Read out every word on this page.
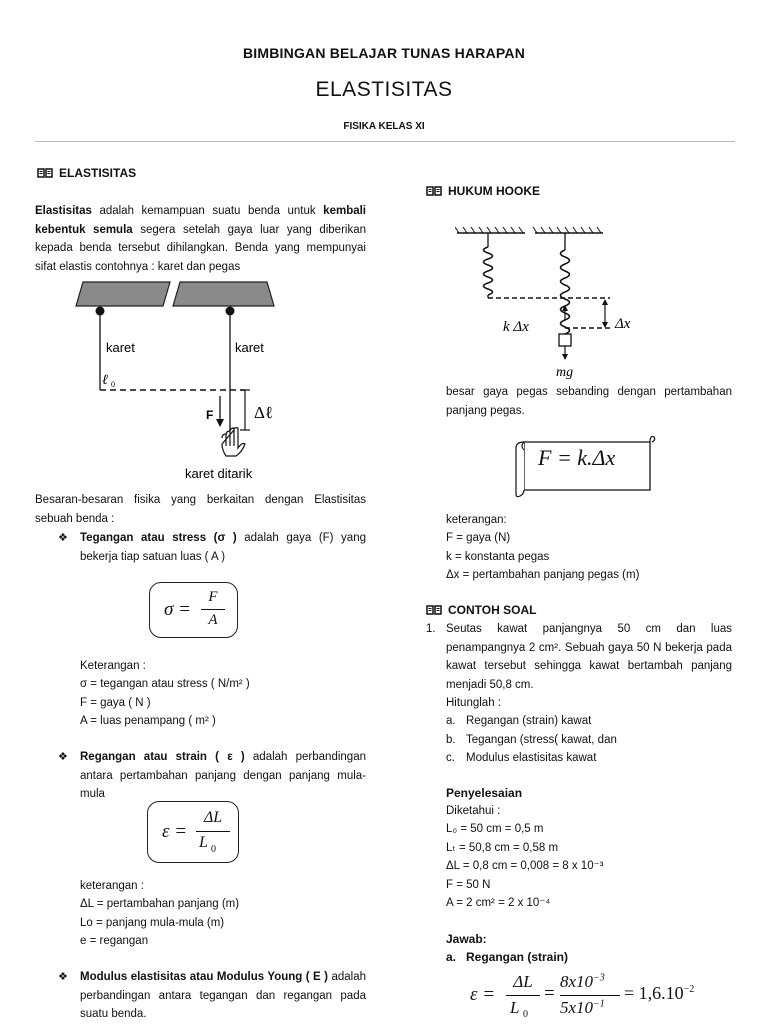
BIMBINGAN BELAJAR TUNAS HARAPAN
ELASTISITAS
FISIKA KELAS XI
ELASTISITAS
Elastisitas adalah kemampuan suatu benda untuk kembali kebentuk semula segera setelah gaya luar yang diberikan kepada benda tersebut dihilangkan. Benda yang mempunyai sifat elastis contohnya : karet dan pegas
karet	karet
ℓ 0
F Δℓ
karet ditarik
Besaran-besaran fisika yang berkaitan dengan Elastisitas sebuah benda :
❖ Tegangan atau stress (σ ) adalah gaya (F) yang bekerja tiap satuan luas ( A )
σ =
F
A
Keterangan :
σ = tegangan atau stress ( N/m² )
F = gaya ( N )
A = luas penampang ( m² )
❖ Regangan atau strain ( ε ) adalah perbandingan antara pertambahan panjang dengan panjang mula-mula
ε =
ΔL
L 0
keterangan :
ΔL = pertambahan panjang (m)
Lo = panjang mula-mula (m)
e = regangan
❖ Modulus elastisitas atau Modulus Young ( E ) adalah perbandingan antara tegangan dan regangan pada suatu benda.
HUKUM HOOKE
k Δx	Δx
mg
besar gaya pegas sebanding dengan pertambahan panjang pegas.
F = k.Δx
keterangan:
F = gaya (N)
k = konstanta pegas
Δx = pertambahan panjang pegas (m)
CONTOH SOAL
1. Seutas kawat panjangnya 50 cm dan luas penampangnya 2 cm². Sebuah gaya 50 N bekerja pada kawat tersebut sehingga kawat bertambah panjang menjadi 50,8 cm.
Hitunglah :
a. Regangan (strain) kawat
b. Tegangan (stress( kawat, dan
c. Modulus elastisitas kawat
Penyelesaian
Diketahui :
L₀ = 50 cm = 0,5 m
Lₜ = 50,8 cm = 0,58 m
ΔL = 0,8 cm = 0,008 = 8 x 10⁻³
F = 50 N
A = 2 cm² = 2 x 10⁻⁴
Jawab:
a. Regangan (strain)
ε =
ΔL
L 0
=
$8x10^{-3}$
$5x10^{-1}$
= $1,6.10^{-2}$
